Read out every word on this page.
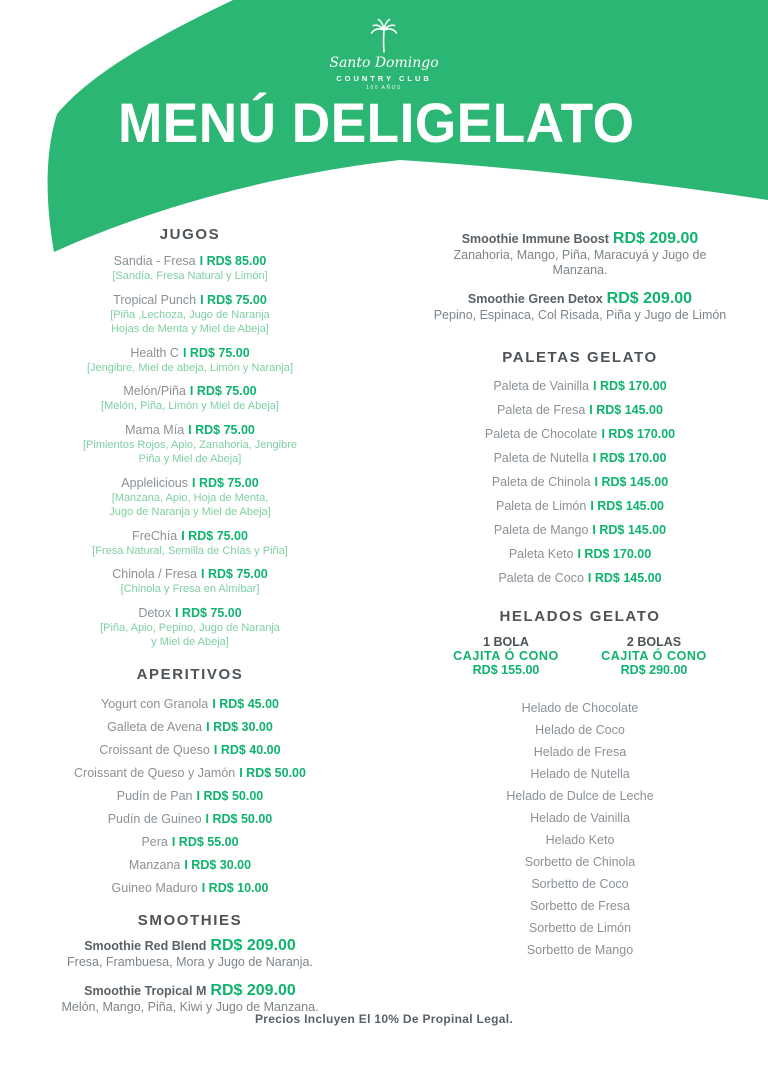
Santo Domingo
COUNTRY CLUB
100 AÑOS
MENÚ DELIGELATO
JUGOS
Sandia - Fresa I RD$ 85.00
[Sandía, Fresa Natural y Limón]
Tropical Punch I RD$ 75.00
[Piña ,Lechoza, Jugo de Naranja
Hojas de Menta y Miel de Abeja]
Health C I RD$ 75.00
[Jengibre, Miel de abeja, Limón y Naranja]
Melón/Piña I RD$ 75.00
[Melón, Piña, Limón y Miel de Abeja]
Mama Mía I RD$ 75.00
[Pimientos Rojos, Apio, Zanahoria, Jengibre
Piña y Miel de Abeja]
Applelicious I RD$ 75.00
[Manzana, Apio, Hoja de Menta,
Jugo de Naranja y Miel de Abeja]
FreChía I RD$ 75.00
[Fresa Natural, Semilla de Chías y Piña]
Chinola / Fresa I RD$ 75.00
[Chinola y Fresa en Almíbar]
Detox I RD$ 75.00
[Piña, Apio, Pepino, Jugo de Naranja
y Miel de Abeja]
APERITIVOS
Yogurt con Granola I RD$ 45.00
Galleta de Avena I RD$ 30.00
Croissant de Queso I RD$ 40.00
Croissant de Queso y Jamón I RD$ 50.00
Pudín de Pan I RD$ 50.00
Pudín de Guineo I RD$ 50.00
Pera I RD$ 55.00
Manzana I RD$ 30.00
Guineo Maduro I RD$ 10.00
SMOOTHIES
Smoothie Red Blend RD$ 209.00
Fresa, Frambuesa, Mora y Jugo de Naranja.
Smoothie Tropical M RD$ 209.00
Melón, Mango, Piña, Kiwi y Jugo de Manzana.
Smoothie Immune Boost RD$ 209.00
Zanahoria, Mango, Piña, Maracuyá y Jugo de Manzana.
Smoothie Green Detox RD$ 209.00
Pepino, Espinaca, Col Risada, Piña y Jugo de Limón
PALETAS GELATO
Paleta de Vainilla I RD$ 170.00
Paleta de Fresa I RD$ 145.00
Paleta de Chocolate I RD$ 170.00
Paleta de Nutella I RD$ 170.00
Paleta de Chinola I RD$ 145.00
Paleta de Limón I RD$ 145.00
Paleta de Mango I RD$ 145.00
Paleta Keto I RD$ 170.00
Paleta de Coco I RD$ 145.00
HELADOS GELATO
1 BOLA
CAJITA Ó CONO
RD$ 155.00
2 BOLAS
CAJITA Ó CONO
RD$ 290.00
Helado de Chocolate
Helado de Coco
Helado de Fresa
Helado de Nutella
Helado de Dulce de Leche
Helado de Vainilla
Helado Keto
Sorbetto de Chinola
Sorbetto de Coco
Sorbetto de Fresa
Sorbetto de Limón
Sorbetto de Mango
Precios Incluyen El 10% De Propinal Legal.
